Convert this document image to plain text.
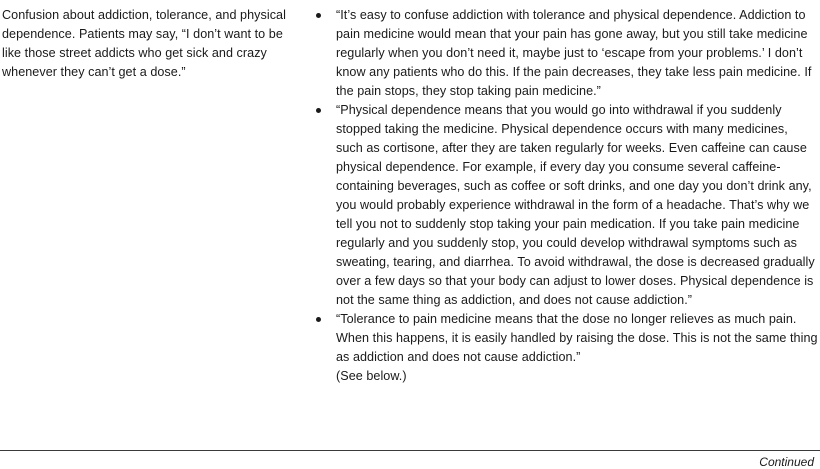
Confusion about addiction, tolerance, and physical dependence. Patients may say, “I don’t want to be like those street addicts who get sick and crazy whenever they can’t get a dose.”

“It’s easy to confuse addiction with tolerance and physical dependence. Addiction to pain medicine would mean that your pain has gone away, but you still take medicine regularly when you don’t need it, maybe just to ‘escape from your problems.’ I don’t know any patients who do this. If the pain decreases, they take less pain medicine. If the pain stops, they stop taking pain medicine.”
“Physical dependence means that you would go into withdrawal if you suddenly stopped taking the medicine. Physical dependence occurs with many medicines, such as cortisone, after they are taken regularly for weeks. Even caffeine can cause physical dependence. For example, if every day you consume several caffeine-containing beverages, such as coffee or soft drinks, and one day you don’t drink any, you would probably experience withdrawal in the form of a headache. That’s why we tell you not to suddenly stop taking your pain medication. If you take pain medicine regularly and you suddenly stop, you could develop withdrawal symptoms such as sweating, tearing, and diarrhea. To avoid withdrawal, the dose is decreased gradually over a few days so that your body can adjust to lower doses. Physical dependence is not the same thing as addiction, and does not cause addiction.”
“Tolerance to pain medicine means that the dose no longer relieves as much pain. When this happens, it is easily handled by raising the dose. This is not the same thing as addiction and does not cause addiction.”
(See below.)
Continued
